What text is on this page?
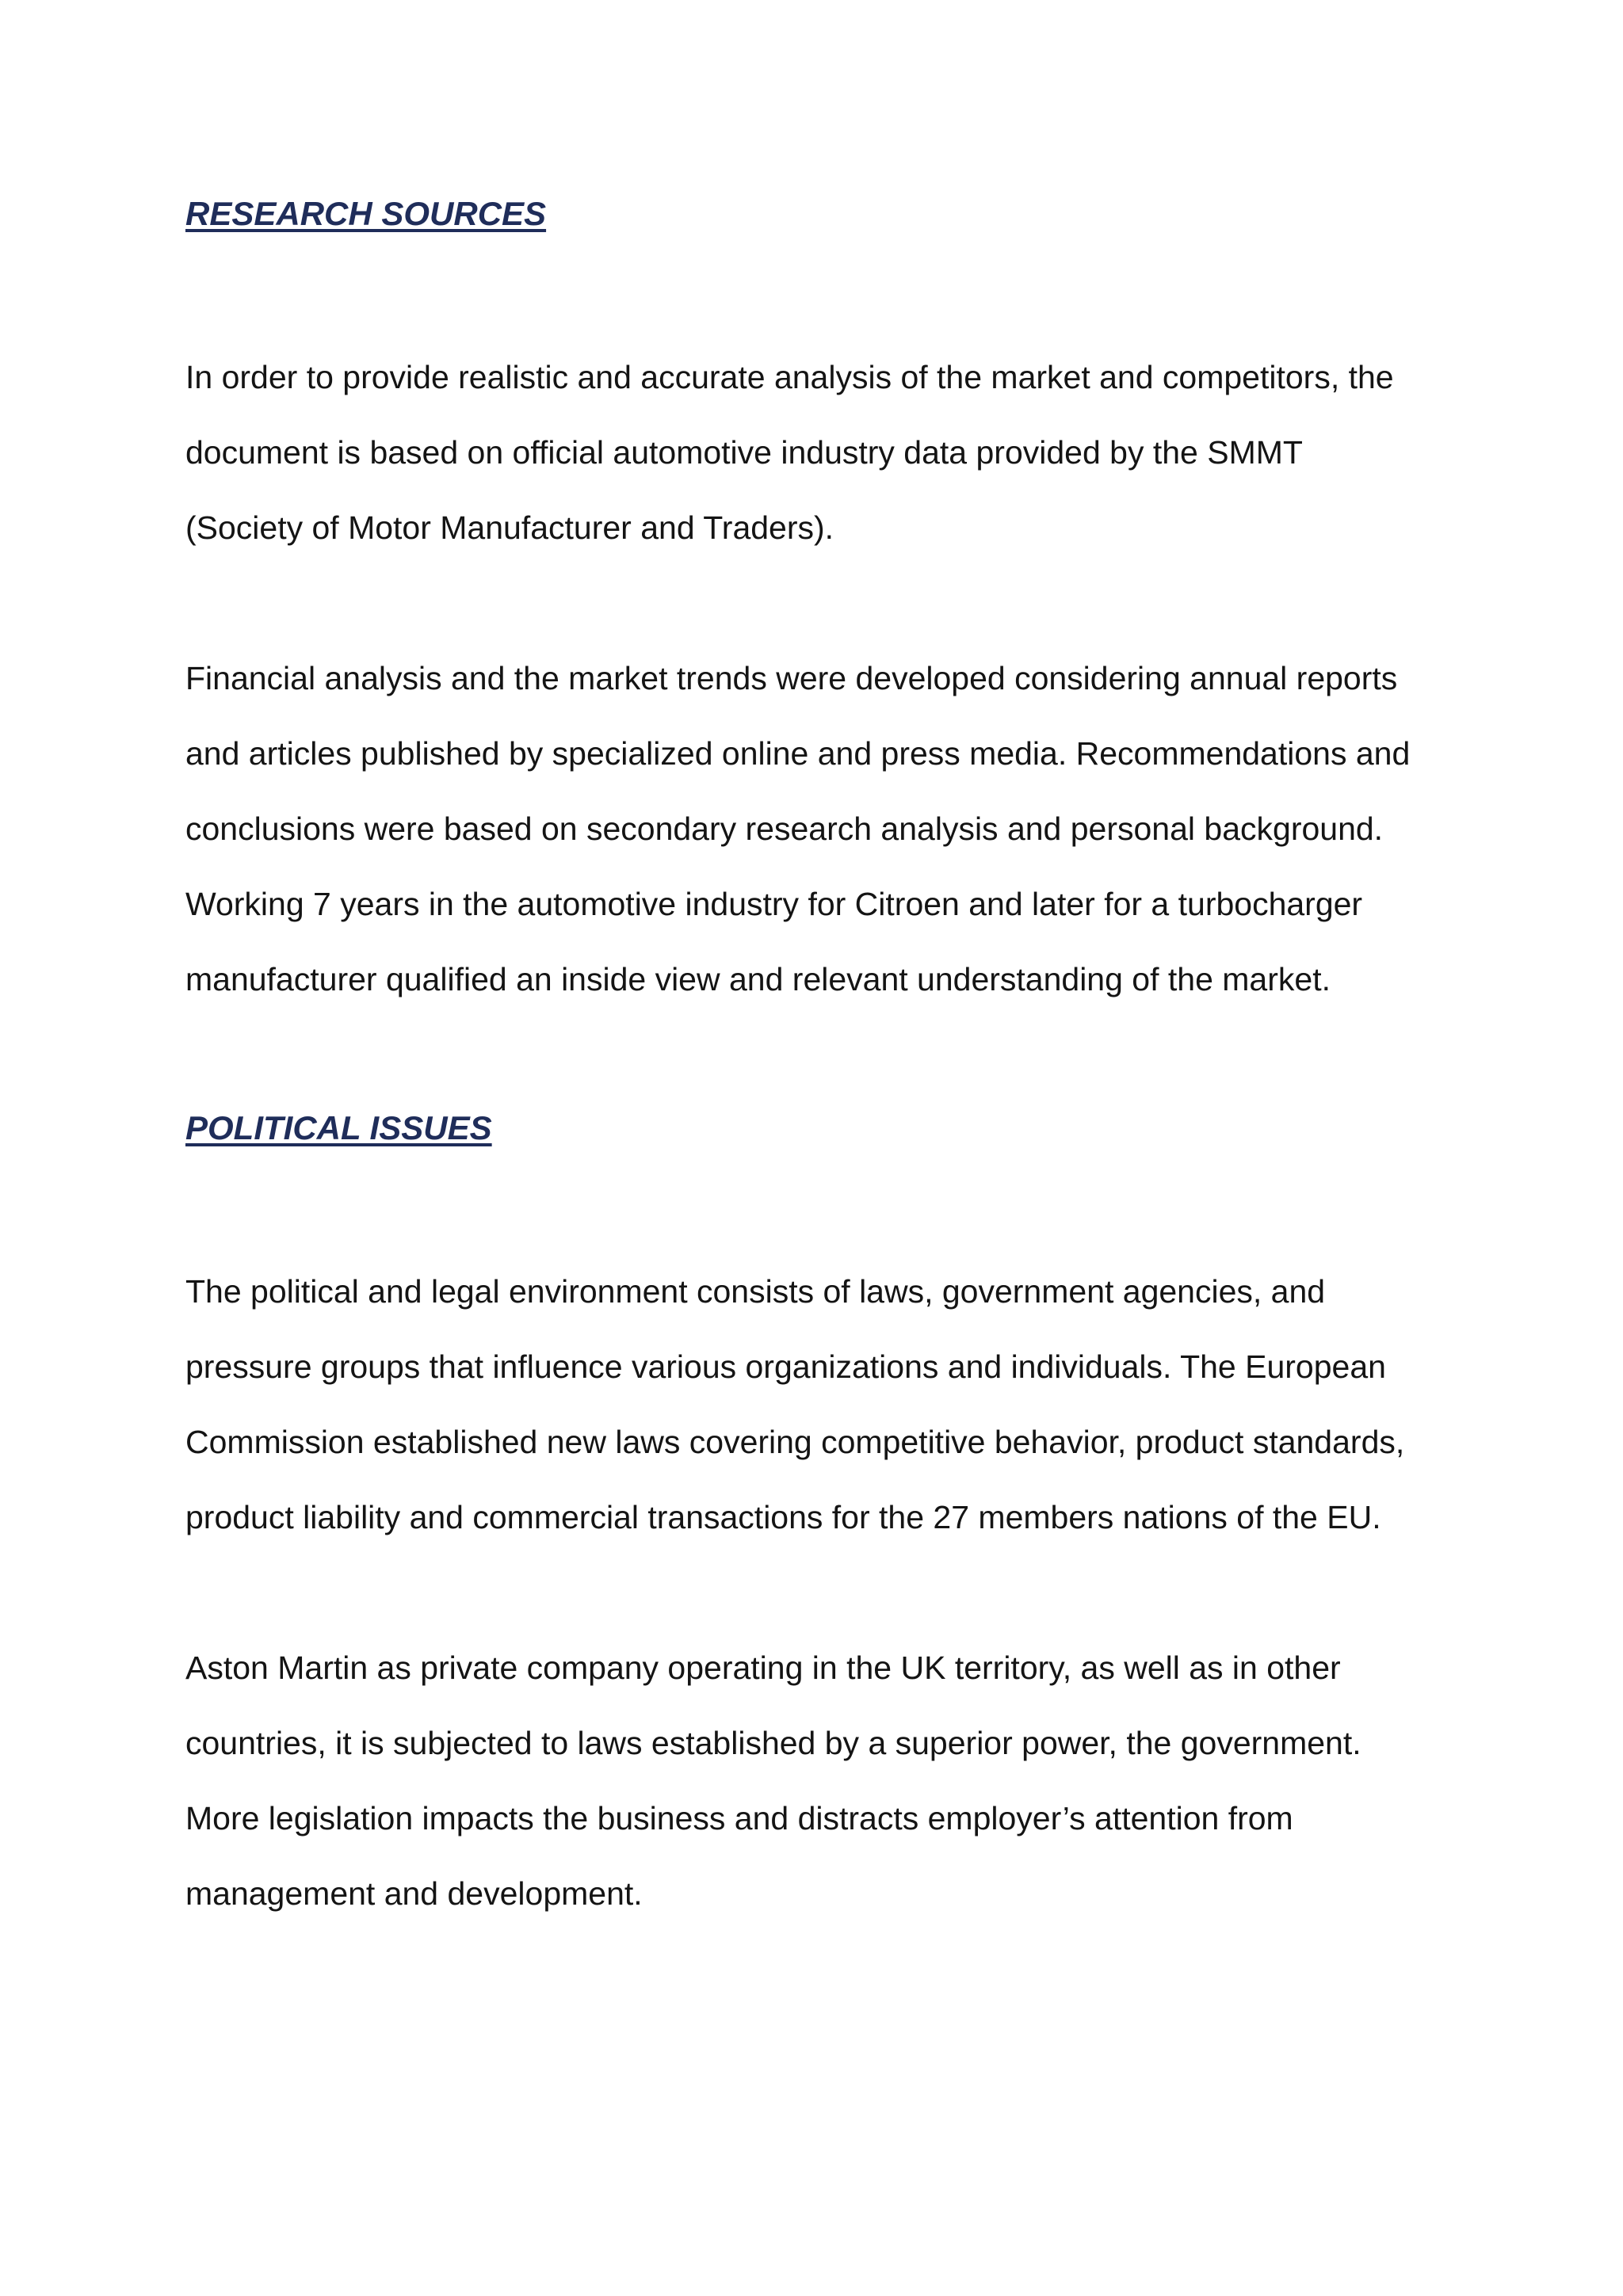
RESEARCH SOURCES

In order to provide realistic and accurate analysis of the market and competitors, the

document is based on official automotive industry data provided by the SMMT

(Society of Motor Manufacturer and Traders).

Financial analysis and the market trends were developed considering annual reports

and articles published by specialized online and press media. Recommendations and

conclusions were based on secondary research analysis and personal background.

Working 7 years in the automotive industry for Citroen and later for a turbocharger

manufacturer qualified an inside view and relevant understanding of the market.

POLITICAL ISSUES

The political and legal environment consists of laws, government agencies, and

pressure groups that influence various organizations and individuals. The European

Commission established new laws covering competitive behavior, product standards,

product liability and commercial transactions for the 27 members nations of the EU.

Aston Martin as private company operating in the UK territory, as well as in other

countries, it is subjected to laws established by a superior power, the government.

More legislation impacts the business and distracts employer’s attention from

management and development.
